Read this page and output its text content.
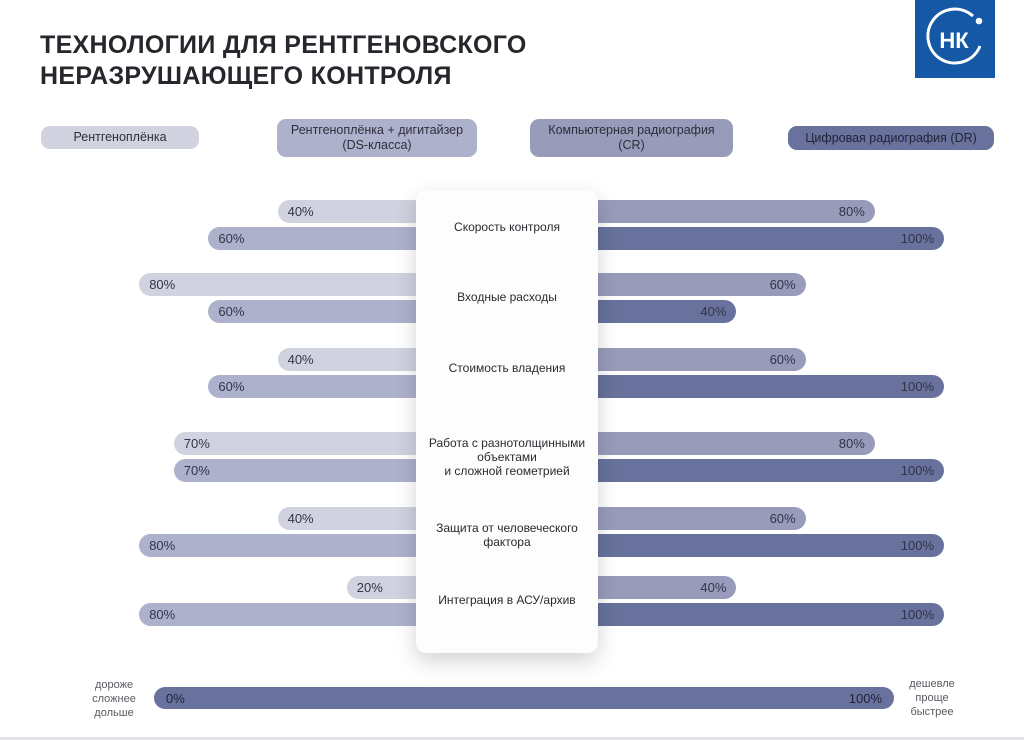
ТЕХНОЛОГИИ ДЛЯ РЕНТГЕНОВСКОГО
НЕРАЗРУШАЮЩЕГО КОНТРОЛЯ
НК
Рентгеноплёнка	Рентгеноплёнка + дигитайзер
(DS-класса)
Компьютерная радиография
(CR)
Цифровая радиография (DR)
40%
60%
80%
100%
80%
60%
60%
40%
40%
60%
60%
100%
70%
70%
80%
100%
40%
80%
60%
100%
20%
80%
40%
100%
Скорость контроля
Входные расходы
Стоимость владения
Работа с разнотолщинными
объектами
и сложной геометрией
Защита от человеческого
фактора
Интеграция в АСУ/архив
дороже
сложнее
дольше
0%	100%
дешевле
проще
быстрее
